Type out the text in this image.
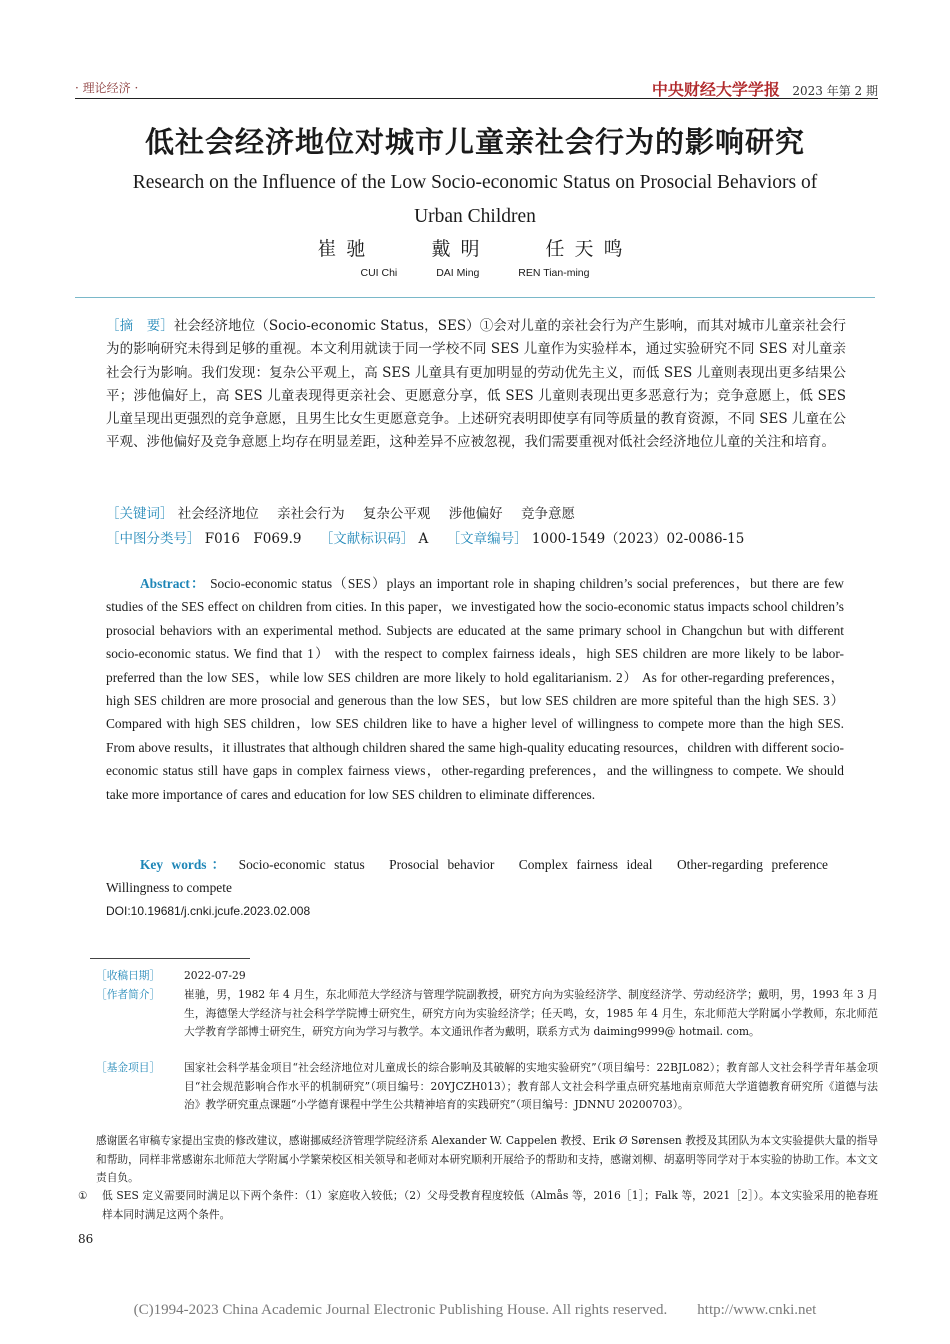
· 理论经济 ·	中央财经大学学报 2023 年第 2 期
低社会经济地位对城市儿童亲社会行为的影响研究
Research on the Influence of the Low Socio-economic Status on Prosocial Behaviors of Urban Children
崔驰	戴明	任天鸣
CUI Chi	DAI Ming	REN Tian-ming
［摘　要］社会经济地位（Socio-economic Status，SES）①会对儿童的亲社会行为产生影响，而其对城市儿童亲社会行为的影响研究未得到足够的重视。本文利用就读于同一学校不同 SES 儿童作为实验样本，通过实验研究不同 SES 对儿童亲社会行为影响。我们发现：复杂公平观上，高 SES 儿童具有更加明显的劳动优先主义，而低 SES 儿童则表现出更多结果公平；涉他偏好上，高 SES 儿童表现得更亲社会、更愿意分享，低 SES 儿童则表现出更多恶意行为；竞争意愿上，低 SES 儿童呈现出更强烈的竞争意愿，且男生比女生更愿意竞争。上述研究表明即使享有同等质量的教育资源，不同 SES 儿童在公平观、涉他偏好及竞争意愿上均存在明显差距，这种差异不应被忽视，我们需要重视对低社会经济地位儿童的关注和培育。
［关键词］ 社会经济地位 亲社会行为 复杂公平观 涉他偏好 竞争意愿
［中图分类号］ F016　F069.9 ［文献标识码］ A ［文章编号］ 1000-1549（2023）02-0086-15
Abstract： Socio-economic status（SES）plays an important role in shaping children’s social preferences，but there are few studies of the SES effect on children from cities. In this paper，we investigated how the socio-economic status impacts school children’s prosocial behaviors with an experimental method. Subjects are educated at the same primary school in Changchun but with different socio-economic status. We find that 1） with the respect to complex fairness ideals，high SES children are more likely to be labor-preferred than the low SES，while low SES children are more likely to hold egalitarianism. 2） As for other-regarding preferences，high SES children are more prosocial and generous than the low SES，but low SES children are more spiteful than the high SES. 3） Compared with high SES children，low SES children like to have a higher level of willingness to compete more than the high SES. From above results，it illustrates that although children shared the same high-quality educating resources，children with different socio-economic status still have gaps in complex fairness views，other-regarding preferences，and the willingness to compete. We should take more importance of cares and education for low SES children to eliminate differences.
Key words： Socio-economic status Prosocial behavior Complex fairness ideal Other-regarding preference Willingness to compete
DOI:10.19681/j.cnki.jcufe.2023.02.008
［收稿日期］ 2022-07-29
［作者简介］ 崔驰，男，1982 年 4 月生，东北师范大学经济与管理学院副教授，研究方向为实验经济学、制度经济学、劳动经济学；戴明，男，1993 年 3 月生，海德堡大学经济与社会科学学院博士研究生，研究方向为实验经济学；任天鸣，女，1985 年 4 月生，东北师范大学附属小学教师，东北师范大学教育学部博士研究生，研究方向为学习与教学。本文通讯作者为戴明，联系方式为 daiming9999@ hotmail. com。
［基金项目］ 国家社会科学基金项目“社会经济地位对儿童成长的综合影响及其破解的实地实验研究”（项目编号：22BJL082）；教育部人文社会科学青年基金项目“社会规范影响合作水平的机制研究”（项目编号：20YJCZH013）；教育部人文社会科学重点研究基地南京师范大学道德教育研究所《道德与法治》教学研究重点课题“小学德育课程中学生公共精神培育的实践研究”（项目编号：JDNNU 20200703）。
感谢匿名审稿专家提出宝贵的修改建议，感谢挪威经济管理学院经济系 Alexander W. Cappelen 教授、Erik Ø Sørensen 教授及其团队为本文实验提供大量的指导和帮助，同样非常感谢东北师范大学附属小学繁荣校区相关领导和老师对本研究顺利开展给予的帮助和支持，感谢刘柳、胡嘉明等同学对于本实验的协助工作。本文文责自负。
① 低 SES 定义需要同时满足以下两个条件：（1）家庭收入较低；（2）父母受教育程度较低（Almås 等，2016［1］；Falk 等，2021［2］）。本文实验采用的艳春班样本同时满足这两个条件。
86
(C)1994-2023 China Academic Journal Electronic Publishing House. All rights reserved.　　http://www.cnki.net
